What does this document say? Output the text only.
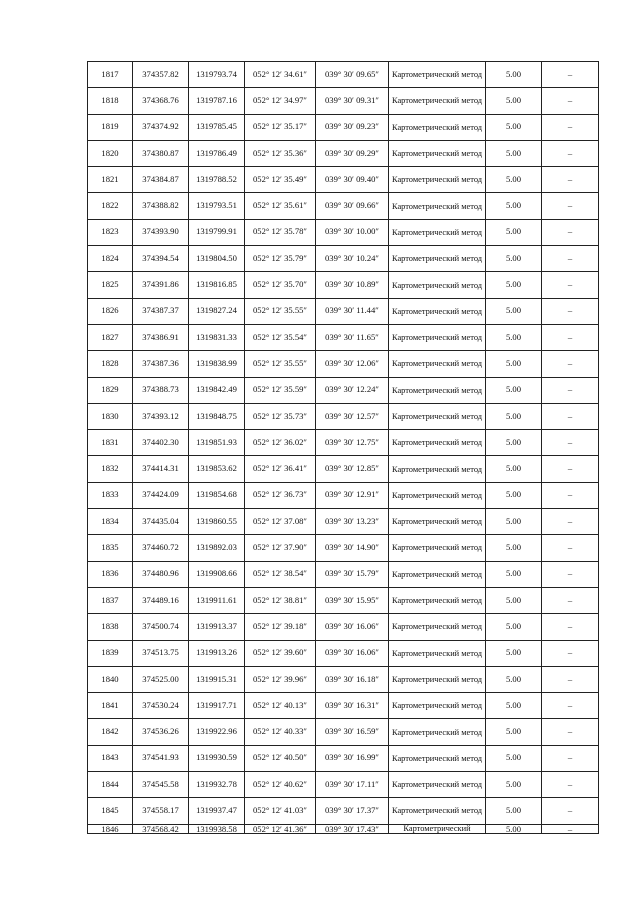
1817	374357.82	1319793.74	052° 12′ 34.61″	039° 30′ 09.65″	Картометрический метод	5.00	–
1818	374368.76	1319787.16	052° 12′ 34.97″	039° 30′ 09.31″	Картометрический метод	5.00	–
1819	374374.92	1319785.45	052° 12′ 35.17″	039° 30′ 09.23″	Картометрический метод	5.00	–
1820	374380.87	1319786.49	052° 12′ 35.36″	039° 30′ 09.29″	Картометрический метод	5.00	–
1821	374384.87	1319788.52	052° 12′ 35.49″	039° 30′ 09.40″	Картометрический метод	5.00	–
1822	374388.82	1319793.51	052° 12′ 35.61″	039° 30′ 09.66″	Картометрический метод	5.00	–
1823	374393.90	1319799.91	052° 12′ 35.78″	039° 30′ 10.00″	Картометрический метод	5.00	–
1824	374394.54	1319804.50	052° 12′ 35.79″	039° 30′ 10.24″	Картометрический метод	5.00	–
1825	374391.86	1319816.85	052° 12′ 35.70″	039° 30′ 10.89″	Картометрический метод	5.00	–
1826	374387.37	1319827.24	052° 12′ 35.55″	039° 30′ 11.44″	Картометрический метод	5.00	–
1827	374386.91	1319831.33	052° 12′ 35.54″	039° 30′ 11.65″	Картометрический метод	5.00	–
1828	374387.36	1319838.99	052° 12′ 35.55″	039° 30′ 12.06″	Картометрический метод	5.00	–
1829	374388.73	1319842.49	052° 12′ 35.59″	039° 30′ 12.24″	Картометрический метод	5.00	–
1830	374393.12	1319848.75	052° 12′ 35.73″	039° 30′ 12.57″	Картометрический метод	5.00	–
1831	374402.30	1319851.93	052° 12′ 36.02″	039° 30′ 12.75″	Картометрический метод	5.00	–
1832	374414.31	1319853.62	052° 12′ 36.41″	039° 30′ 12.85″	Картометрический метод	5.00	–
1833	374424.09	1319854.68	052° 12′ 36.73″	039° 30′ 12.91″	Картометрический метод	5.00	–
1834	374435.04	1319860.55	052° 12′ 37.08″	039° 30′ 13.23″	Картометрический метод	5.00	–
1835	374460.72	1319892.03	052° 12′ 37.90″	039° 30′ 14.90″	Картометрический метод	5.00	–
1836	374480.96	1319908.66	052° 12′ 38.54″	039° 30′ 15.79″	Картометрический метод	5.00	–
1837	374489.16	1319911.61	052° 12′ 38.81″	039° 30′ 15.95″	Картометрический метод	5.00	–
1838	374500.74	1319913.37	052° 12′ 39.18″	039° 30′ 16.06″	Картометрический метод	5.00	–
1839	374513.75	1319913.26	052° 12′ 39.60″	039° 30′ 16.06″	Картометрический метод	5.00	–
1840	374525.00	1319915.31	052° 12′ 39.96″	039° 30′ 16.18″	Картометрический метод	5.00	–
1841	374530.24	1319917.71	052° 12′ 40.13″	039° 30′ 16.31″	Картометрический метод	5.00	–
1842	374536.26	1319922.96	052° 12′ 40.33″	039° 30′ 16.59″	Картометрический метод	5.00	–
1843	374541.93	1319930.59	052° 12′ 40.50″	039° 30′ 16.99″	Картометрический метод	5.00	–
1844	374545.58	1319932.78	052° 12′ 40.62″	039° 30′ 17.11″	Картометрический метод	5.00	–
1845	374558.17	1319937.47	052° 12′ 41.03″	039° 30′ 17.37″	Картометрический метод	5.00	–
1846	374568.42	1319938.58	052° 12′ 41.36″	039° 30′ 17.43″	Картометрический	5.00	–
